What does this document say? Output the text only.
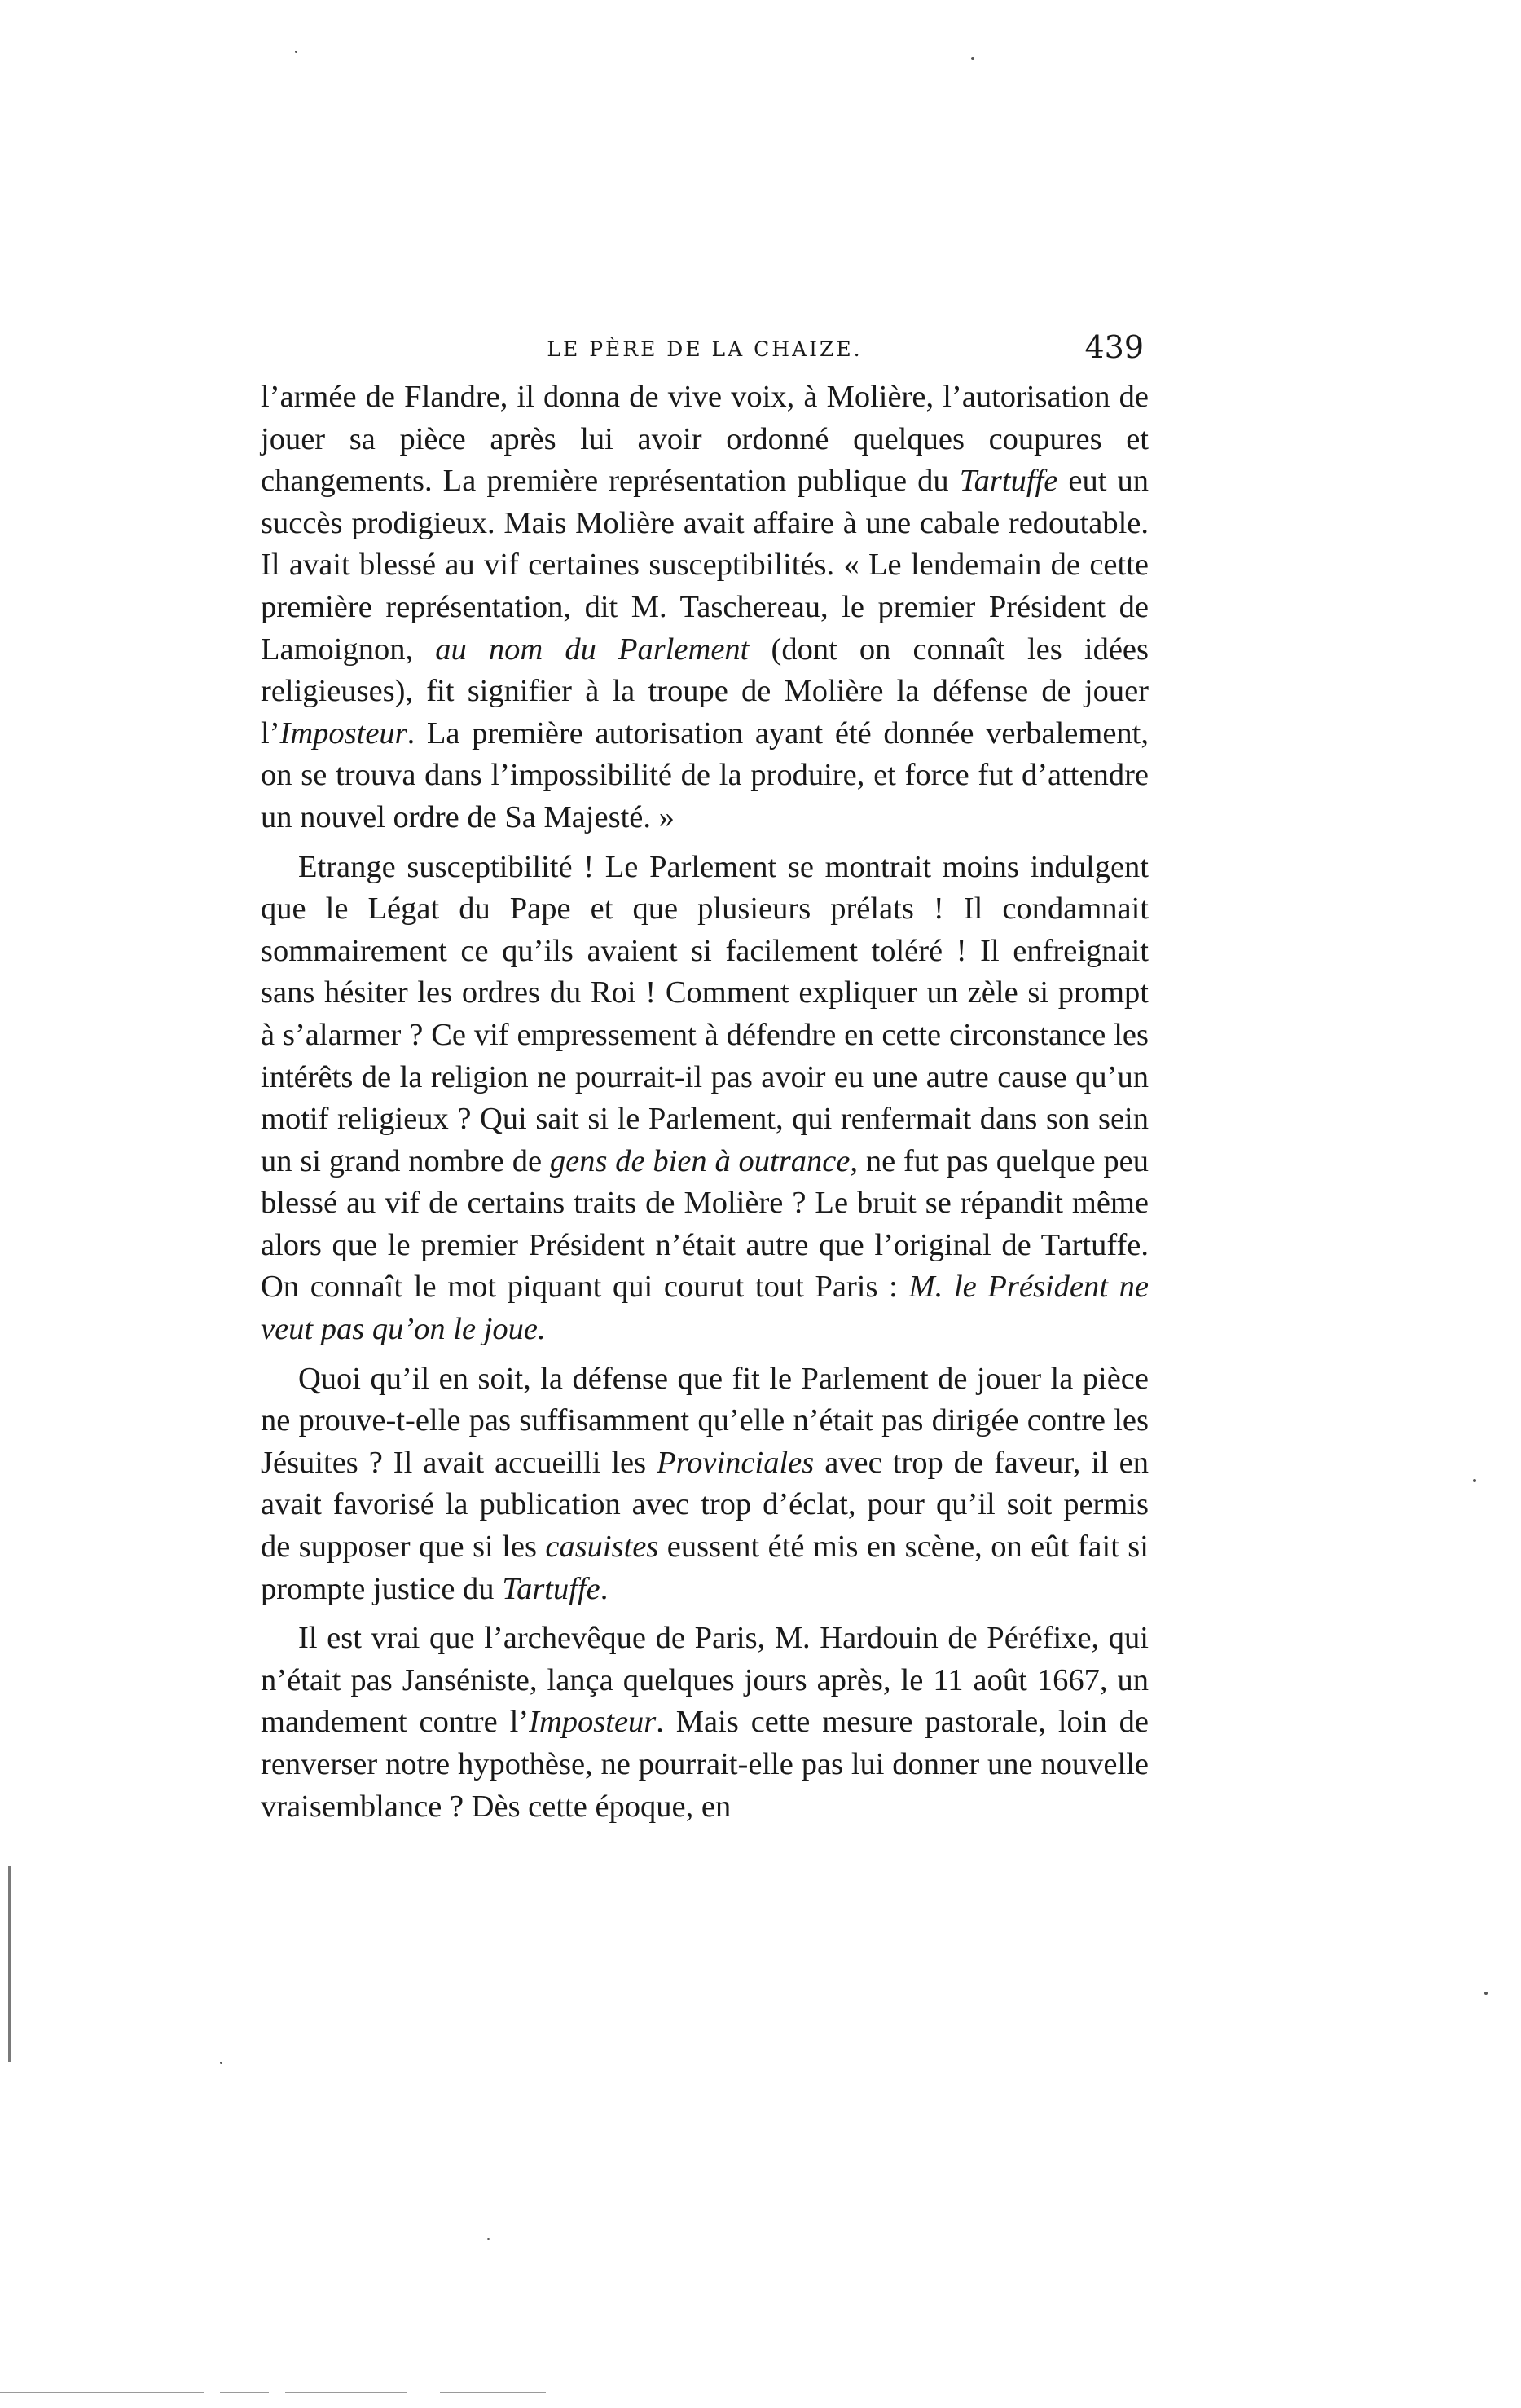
LE PÈRE DE LA CHAIZE.	439

l’armée de Flandre, il donna de vive voix, à Molière, l’autorisation de jouer sa pièce après lui avoir ordonné quelques coupures et changements. La première représentation publique du Tartuffe eut un succès prodigieux. Mais Molière avait affaire à une cabale redoutable. Il avait blessé au vif certaines susceptibilités. « Le lendemain de cette première représentation, dit M. Taschereau, le premier Président de Lamoignon, au nom du Parlement (dont on connaît les idées religieuses), fit signifier à la troupe de Molière la défense de jouer l’Imposteur. La première autorisation ayant été donnée verbalement, on se trouva dans l’impossibilité de la produire, et force fut d’attendre un nouvel ordre de Sa Majesté. »

Etrange susceptibilité ! Le Parlement se montrait moins indulgent que le Légat du Pape et que plusieurs prélats ! Il condamnait sommairement ce qu’ils avaient si facilement toléré ! Il enfreignait sans hésiter les ordres du Roi ! Comment expliquer un zèle si prompt à s’alarmer ? Ce vif empressement à défendre en cette circonstance les intérêts de la religion ne pourrait-il pas avoir eu une autre cause qu’un motif religieux ? Qui sait si le Parlement, qui renfermait dans son sein un si grand nombre de gens de bien à outrance, ne fut pas quelque peu blessé au vif de certains traits de Molière ? Le bruit se répandit même alors que le premier Président n’était autre que l’original de Tartuffe. On connaît le mot piquant qui courut tout Paris : M. le Président ne veut pas qu’on le joue.

Quoi qu’il en soit, la défense que fit le Parlement de jouer la pièce ne prouve-t-elle pas suffisamment qu’elle n’était pas dirigée contre les Jésuites ? Il avait accueilli les Provinciales avec trop de faveur, il en avait favorisé la publication avec trop d’éclat, pour qu’il soit permis de supposer que si les casuistes eussent été mis en scène, on eût fait si prompte justice du Tartuffe.

Il est vrai que l’archevêque de Paris, M. Hardouin de Péréfixe, qui n’était pas Janséniste, lança quelques jours après, le 11 août 1667, un mandement contre l’Imposteur. Mais cette mesure pastorale, loin de renverser notre hypothèse, ne pourrait-elle pas lui donner une nouvelle vraisemblance ? Dès cette époque, en
